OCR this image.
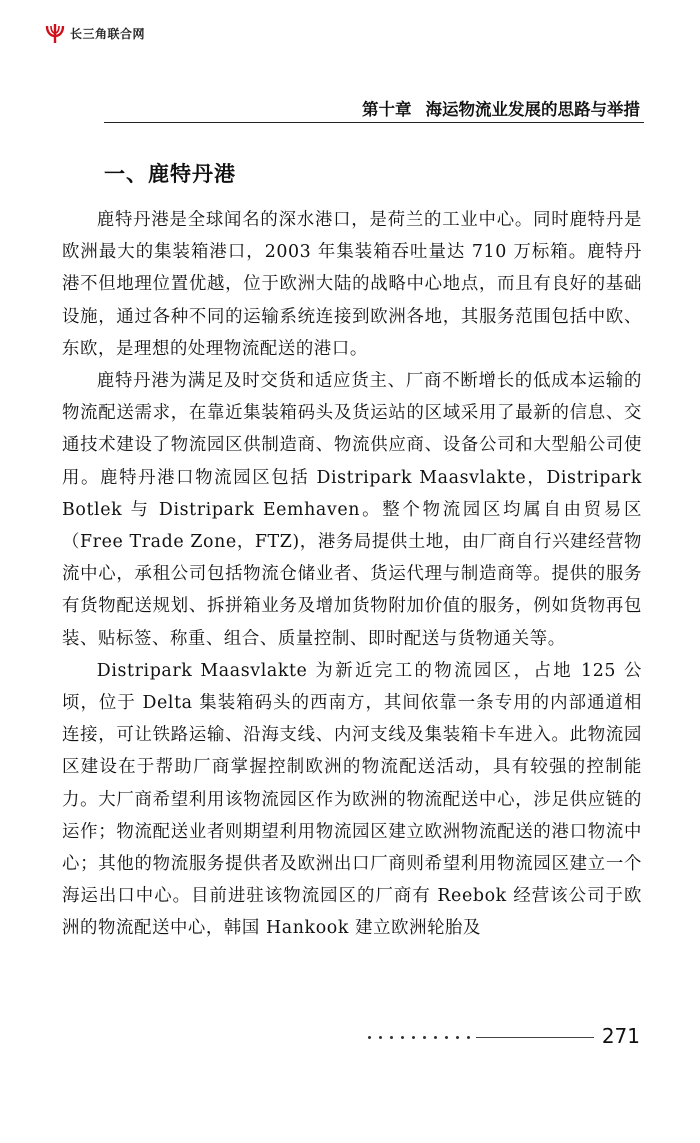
长三角联合网
第十章 海运物流业发展的思路与举措
一、鹿特丹港

鹿特丹港是全球闻名的深水港口，是荷兰的工业中心。同时鹿特丹是欧洲最大的集装箱港口，2003 年集装箱吞吐量达 710 万标箱。鹿特丹港不但地理位置优越，位于欧洲大陆的战略中心地点，而且有良好的基础设施，通过各种不同的运输系统连接到欧洲各地，其服务范围包括中欧、东欧，是理想的处理物流配送的港口。

鹿特丹港为满足及时交货和适应货主、厂商不断增长的低成本运输的物流配送需求，在靠近集装箱码头及货运站的区域采用了最新的信息、交通技术建设了物流园区供制造商、物流供应商、设备公司和大型船公司使用。鹿特丹港口物流园区包括 Distripark Maasvlakte，Distripark Botlek 与 Distripark Eemhaven。整个物流园区均属自由贸易区（Free Trade Zone，FTZ)，港务局提供土地，由厂商自行兴建经营物流中心，承租公司包括物流仓储业者、货运代理与制造商等。提供的服务有货物配送规划、拆拼箱业务及增加货物附加价值的服务，例如货物再包装、贴标签、称重、组合、质量控制、即时配送与货物通关等。

Distripark Maasvlakte 为新近完工的物流园区，占地 125 公顷，位于 Delta 集装箱码头的西南方，其间依靠一条专用的内部通道相连接，可让铁路运输、沿海支线、内河支线及集装箱卡车进入。此物流园区建设在于帮助厂商掌握控制欧洲的物流配送活动，具有较强的控制能力。大厂商希望利用该物流园区作为欧洲的物流配送中心，涉足供应链的运作；物流配送业者则期望利用物流园区建立欧洲物流配送的港口物流中心；其他的物流服务提供者及欧洲出口厂商则希望利用物流园区建立一个海运出口中心。目前进驻该物流园区的厂商有 Reebok 经营该公司于欧洲的物流配送中心，韩国 Hankook 建立欧洲轮胎及

271
